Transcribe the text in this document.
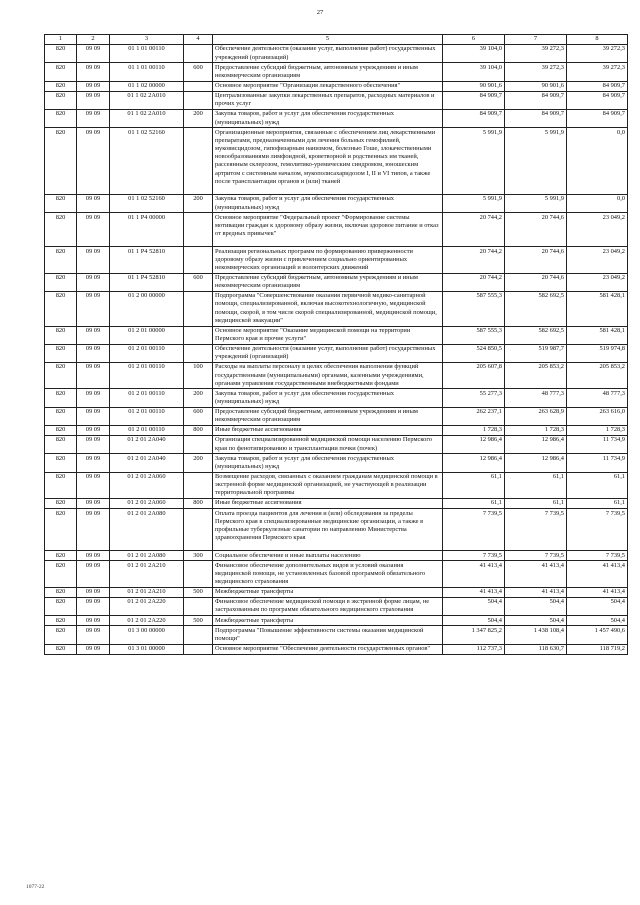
27
1	2	3	4	5	6	7	8
820	09 09	01 1 01 00110		Обеспечение деятельности (оказание услуг, выполнение работ) государственных учреждений (организаций)	39 104,0	39 272,3	39 272,3
820	09 09	01 1 01 00110	600	Предоставление субсидий бюджетным, автономным учреждениям и иным некоммерческим организациям	39 104,0	39 272,3	39 272,3
820	09 09	01 1 02 00000		Основное мероприятие "Организация лекарственного обеспечения"	90 901,6	90 901,6	84 909,7
820	09 09	01 1 02 2А010		Централизованные закупки лекарственных препаратов, расходных материалов и прочих услуг	84 909,7	84 909,7	84 909,7
820	09 09	01 1 02 2А010	200	Закупка товаров, работ и услуг для обеспечения государственных (муниципальных) нужд	84 909,7	84 909,7	84 909,7
820	09 09	01 1 02 52160		Организационные мероприятия, связанные с обеспечением лиц лекарственными препаратами, предназначенными для лечения больных гемофилией, муковисцидозом, гипофизарным нанизмом, болезнью Гоше, злокачественными новообразованиями лимфоидной, кроветворной и родственных им тканей, рассеянным склерозом, гемолитико-уремическим синдромом, юношеским артритом с системным началом, мукополисахаридозом I, II и VI типов, а также после трансплантации органов и (или) тканей	5 991,9	5 991,9	0,0
820	09 09	01 1 02 52160	200	Закупка товаров, работ и услуг для обеспечения государственных (муниципальных) нужд	5 991,9	5 991,9	0,0
820	09 09	01 1 Р4 00000		Основное мероприятие "Федеральный проект "Формирование системы мотивации граждан к здоровому образу жизни, включая здоровое питание и отказ от вредных привычек"	20 744,2	20 744,6	23 049,2
820	09 09	01 1 Р4 52810		Реализация региональных программ по формированию приверженности здоровому образу жизни с привлечением социально ориентированных некоммерческих организаций и волонтерских движений	20 744,2	20 744,6	23 049,2
820	09 09	01 1 Р4 52810	600	Предоставление субсидий бюджетным, автономным учреждениям и иным некоммерческим организациям	20 744,2	20 744,6	23 049,2
820	09 09	01 2 00 00000		Подпрограмма "Совершенствование оказания первичной медико-санитарной помощи, специализированной, включая высокотехнологичную, медицинской помощи, скорой, в том числе скорой специализированной, медицинской помощи, медицинской эвакуации"	587 555,3	582 692,5	581 428,1
820	09 09	01 2 01 00000		Основное мероприятие "Оказание медицинской помощи на территории Пермского края и прочие услуги"	587 555,3	582 692,5	581 428,1
820	09 09	01 2 01 00110		Обеспечение деятельности (оказание услуг, выполнение работ) государственных учреждений (организаций)	524 850,5	519 987,7	519 974,8
820	09 09	01 2 01 00110	100	Расходы на выплаты персоналу в целях обеспечения выполнения функций государственными (муниципальными) органами, казенными учреждениями, органами управления государственными внебюджетными фондами	205 607,8	205 853,2	205 853,2
820	09 09	01 2 01 00110	200	Закупка товаров, работ и услуг для обеспечения государственных (муниципальных) нужд	55 277,3	48 777,3	48 777,3
820	09 09	01 2 01 00110	600	Предоставление субсидий бюджетным, автономным учреждениям и иным некоммерческим организациям	262 237,1	263 628,9	263 616,0
820	09 09	01 2 01 00110	800	Иные бюджетные ассигнования	1 728,3	1 728,3	1 728,3
820	09 09	01 2 01 2А040		Организация специализированной медицинской помощи населению Пермского края по фенотипированию и трансплантации почки (почек)	12 986,4	12 986,4	11 734,9
820	09 09	01 2 01 2А040	200	Закупка товаров, работ и услуг для обеспечения государственных (муниципальных) нужд	12 986,4	12 986,4	11 734,9
820	09 09	01 2 01 2А060		Возмещение расходов, связанных с оказанием гражданам медицинской помощи в экстренной форме медицинской организацией, не участвующей в реализации территориальной программы	61,1	61,1	61,1
820	09 09	01 2 01 2А060	800	Иные бюджетные ассигнования	61,1	61,1	61,1
820	09 09	01 2 01 2А080		Оплата проезда пациентов для лечения и (или) обследования за пределы Пермского края в специализированные медицинские организации, а также в профильные туберкулезные санатории по направлению Министерства здравоохранения Пермского края	7 739,5	7 739,5	7 739,5
820	09 09	01 2 01 2А080	300	Социальное обеспечение и иные выплаты населению	7 739,5	7 739,5	7 739,5
820	09 09	01 2 01 2А210		Финансовое обеспечение дополнительных видов и условий оказания медицинской помощи, не установленных базовой программой обязательного медицинского страхования	41 413,4	41 413,4	41 413,4
820	09 09	01 2 01 2А210	500	Межбюджетные трансферты	41 413,4	41 413,4	41 413,4
820	09 09	01 2 01 2А220		Финансовое обеспечение медицинской помощи в экстренной форме лицам, не застрахованным по программе обязательного медицинского страхования	504,4	504,4	504,4
820	09 09	01 2 01 2А220	500	Межбюджетные трансферты	504,4	504,4	504,4
820	09 09	01 3 00 00000		Подпрограмма "Повышение эффективности системы оказания медицинской помощи"	1 347 825,2	1 438 108,4	1 457 490,6
820	09 09	01 3 01 00000		Основное мероприятие "Обеспечение деятельности государственных органов"	112 737,3	118 630,7	118 719,2
1077-22
